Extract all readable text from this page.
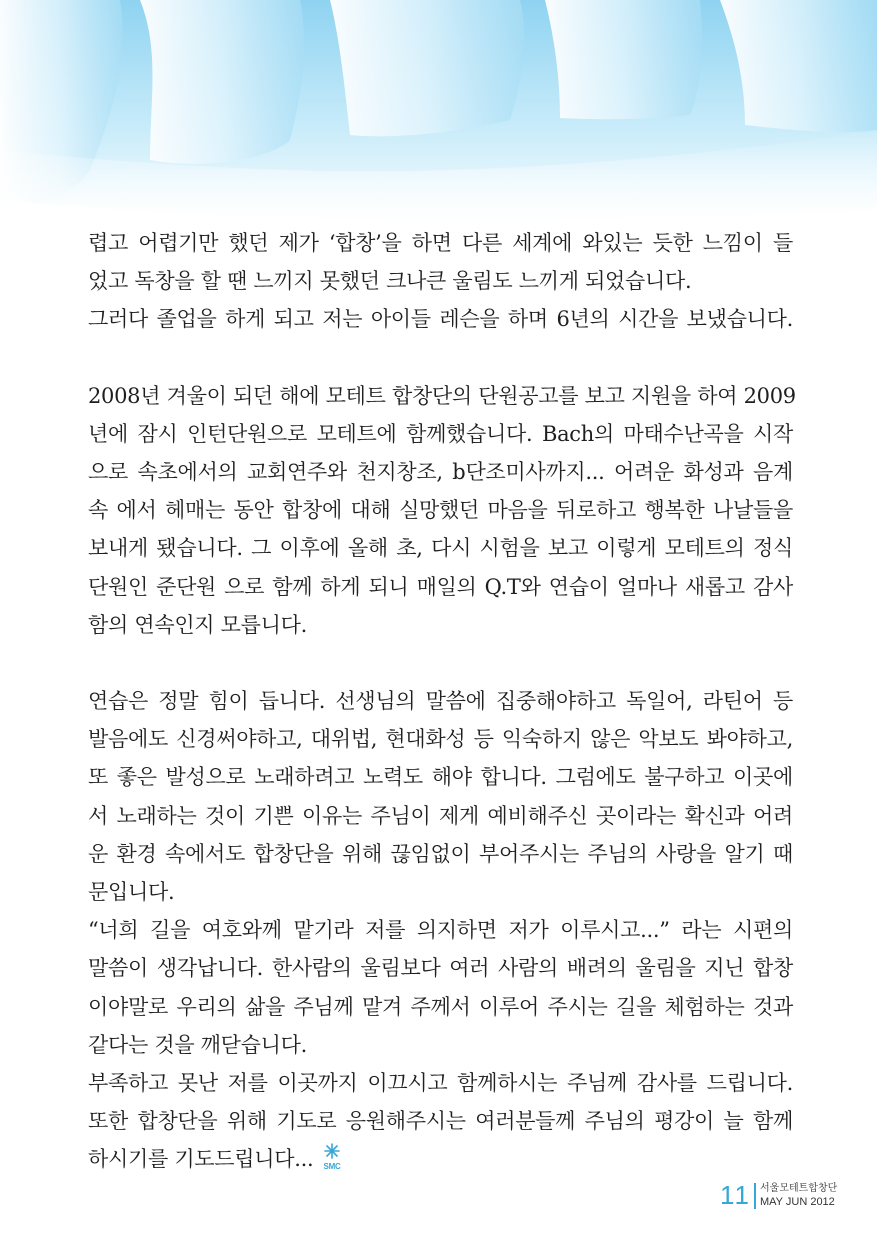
렵고 어렵기만 했던 제가 ‘합창’을 하면 다른 세계에 와있는 듯한 느낌이 들
었고 독창을 할 땐 느끼지 못했던 크나큰 울림도 느끼게 되었습니다.
그러다 졸업을 하게 되고 저는 아이들 레슨을 하며 6년의 시간을 보냈습니다.
2008년 겨울이 되던 해에 모테트 합창단의 단원공고를 보고 지원을 하여 2009
년에 잠시 인턴단원으로 모테트에 함께했습니다. Bach의 마태수난곡을 시작
으로 속초에서의 교회연주와 천지창조, b단조미사까지... 어려운 화성과 음계
속 에서 헤매는 동안 합창에 대해 실망했던 마음을 뒤로하고 행복한 나날들을
보내게 됐습니다. 그 이후에 올해 초, 다시 시험을 보고 이렇게 모테트의 정식
단원인 준단원 으로 함께 하게 되니 매일의 Q.T와 연습이 얼마나 새롭고 감사
함의 연속인지 모릅니다.
연습은 정말 힘이 듭니다. 선생님의 말씀에 집중해야하고 독일어, 라틴어 등
발음에도 신경써야하고, 대위법, 현대화성 등 익숙하지 않은 악보도 봐야하고,
또 좋은 발성으로 노래하려고 노력도 해야 합니다. 그럼에도 불구하고 이곳에
서 노래하는 것이 기쁜 이유는 주님이 제게 예비해주신 곳이라는 확신과 어려
운 환경 속에서도 합창단을 위해 끊임없이 부어주시는 주님의 사랑을 알기 때
문입니다.
“너희 길을 여호와께 맡기라 저를 의지하면 저가 이루시고...” 라는 시편의
말씀이 생각납니다. 한사람의 울림보다 여러 사람의 배려의 울림을 지닌 합창
이야말로 우리의 삶을 주님께 맡겨 주께서 이루어 주시는 길을 체험하는 것과
같다는 것을 깨닫습니다.
부족하고 못난 저를 이곳까지 이끄시고 함께하시는 주님께 감사를 드립니다.
또한 합창단을 위해 기도로 응원해주시는 여러분들께 주님의 평강이 늘 함께
하시기를 기도드립니다... SMC
11 서울모테트합창단
MAY JUN 2012
